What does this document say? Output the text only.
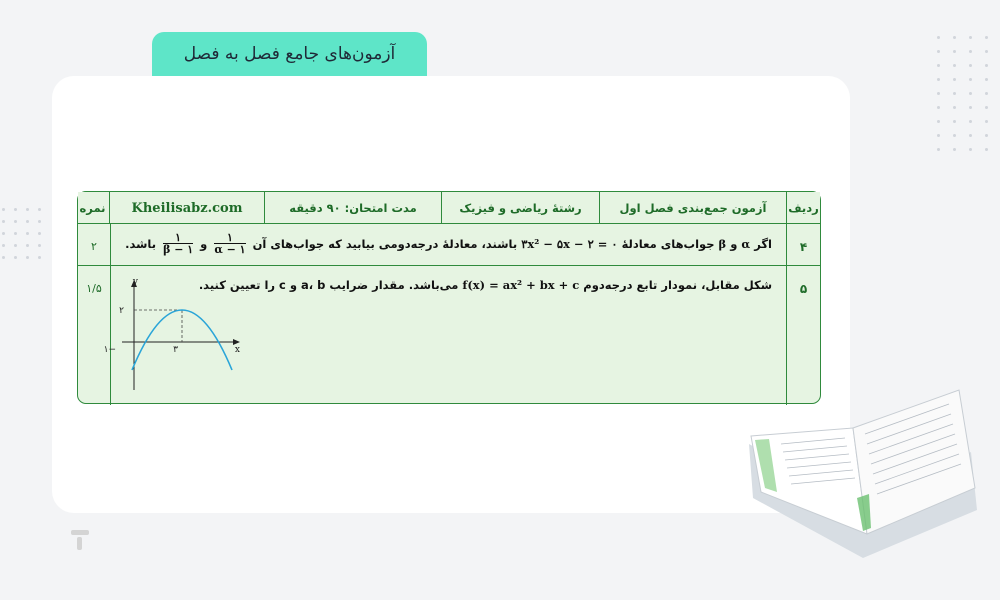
آزمون‌های جامع فصل به فصل
ردیف
آزمون جمع‌بندی فصل اول
رشتهٔ ریاضی و فیزیک
مدت امتحان: ۹۰ دقیقه
Kheilisabz.com
نمره
۴
اگر
α
و
β
جواب‌های معادلهٔ
۳x² − ۵x − ۲ = ۰
باشند، معادلهٔ درجه‌دومی بیابید که جواب‌های آن
$\frac{۱}{\alpha - ۱}$
و
$\frac{۱}{\beta - ۱}$
باشد.
۲
۵
شکل مقابل، نمودار تابع درجه‌دوم
f(x) = ax² + bx + c
می‌باشد. مقدار ضرایب a، b و c را تعیین کنید.
۱/۵	y
x
۲
۳
−۱
